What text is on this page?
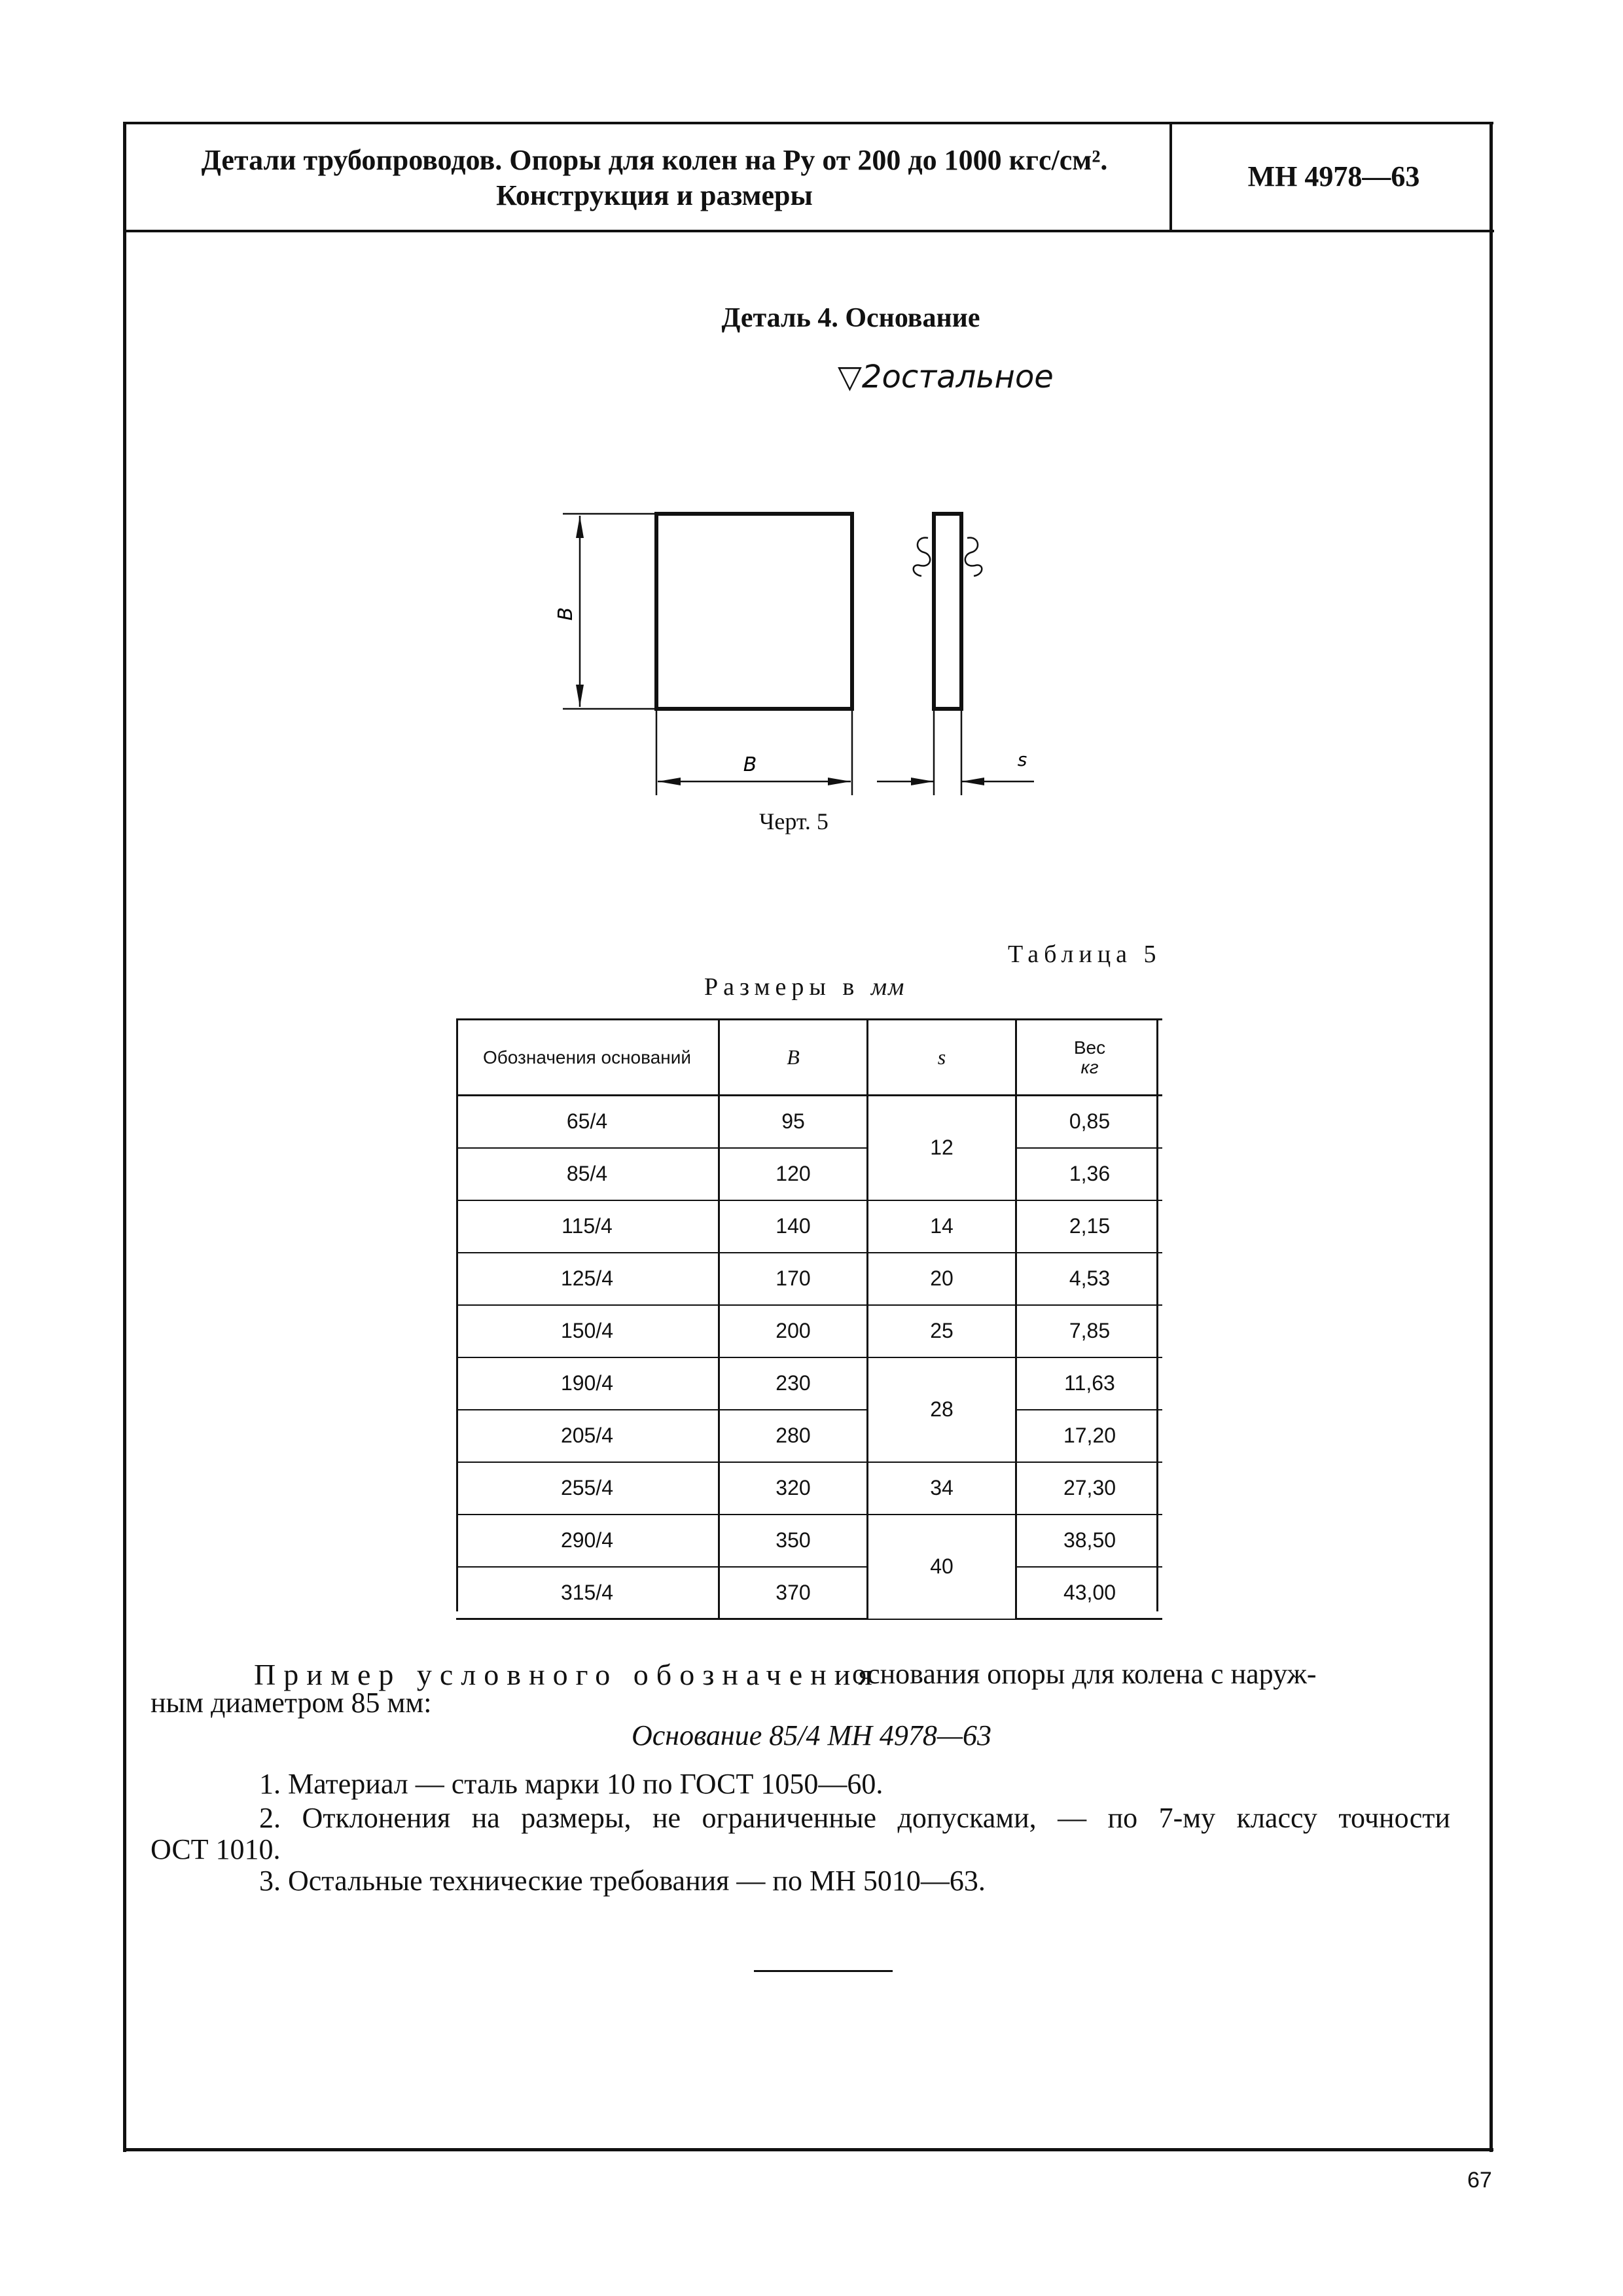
Детали трубопроводов. Опоры для колен на Pу от 200 до 1000 кгс/см².
Конструкция и размеры
МН 4978—63
Деталь 4. Основание
▽2остальное
B
B	s
Черт. 5
Таблица 5
Размеры в мм
Обозначения оснований	B	s	Вес
кг
65/4	95	12	0,85
85/4	120		1,36
115/4	140	14	2,15
125/4	170	20	4,53
150/4	200	25	7,85
190/4	230	28	11,63
205/4	280		17,20
255/4	320	34	27,30
290/4	350	40	38,50
315/4	370		43,00
Пример условного обозначения
основания опоры для колена с наруж-
ным диаметром 85 мм:
Основание 85/4 МН 4978—63
1. Материал — сталь марки 10 по ГОСТ 1050—60.
2. Отклонения на размеры, не ограниченные допусками, — по 7-му классу точности
ОСТ 1010.
3. Остальные технические требования — по МН 5010—63.
67
